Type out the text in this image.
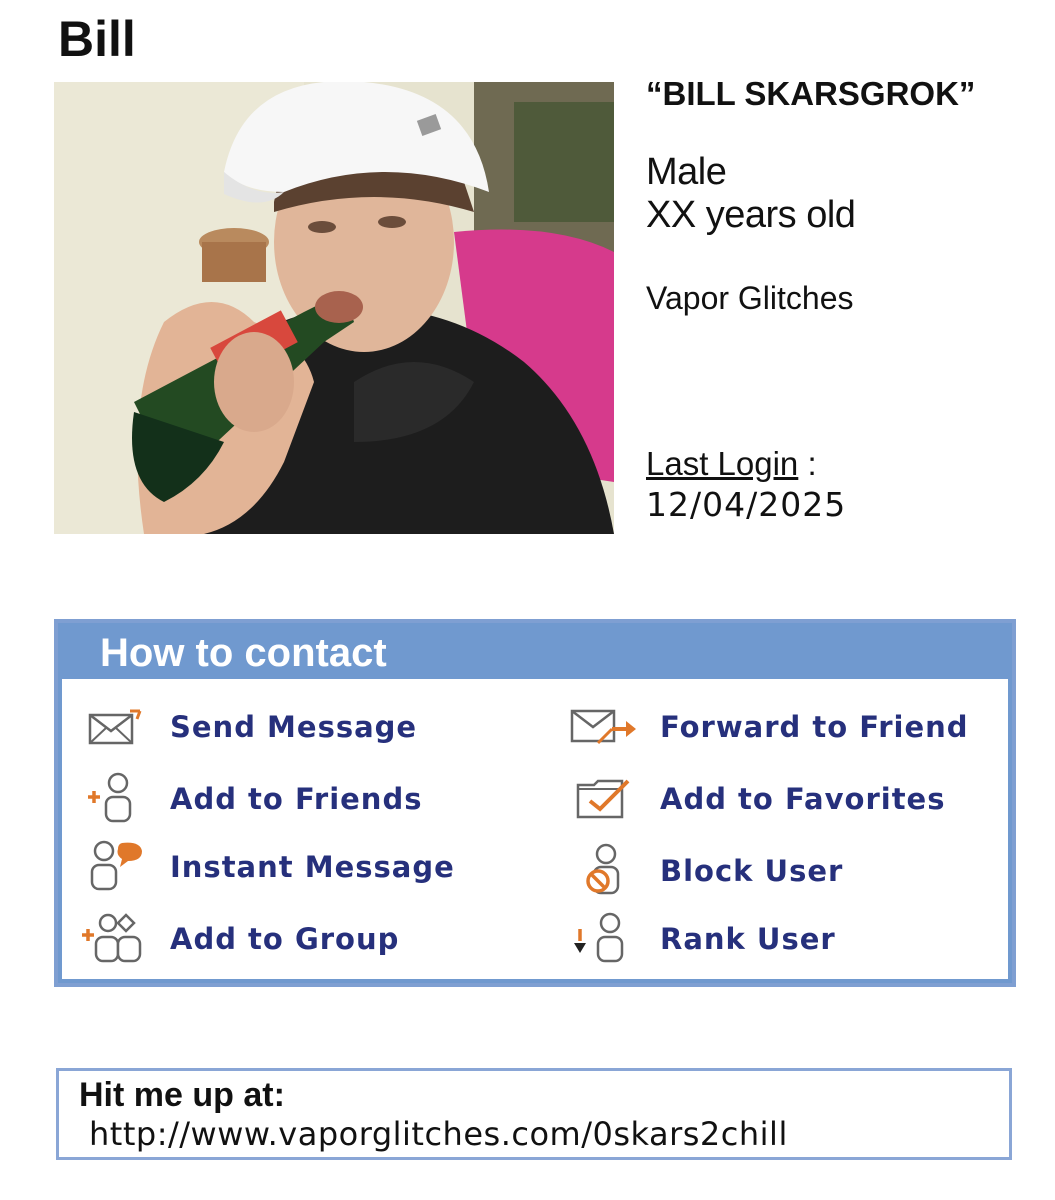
Bill
“BILL SKARSGROK”
Male
XX years old
Vapor Glitches
Last Login :
12/04/2025
How to contact
Send Message	Forward to Friend
Add to Friends	Add to Favorites
Instant Message	Block User
Add to Group	Rank User
Hit me up at:
http://www.vaporglitches.com/0skars2chill
